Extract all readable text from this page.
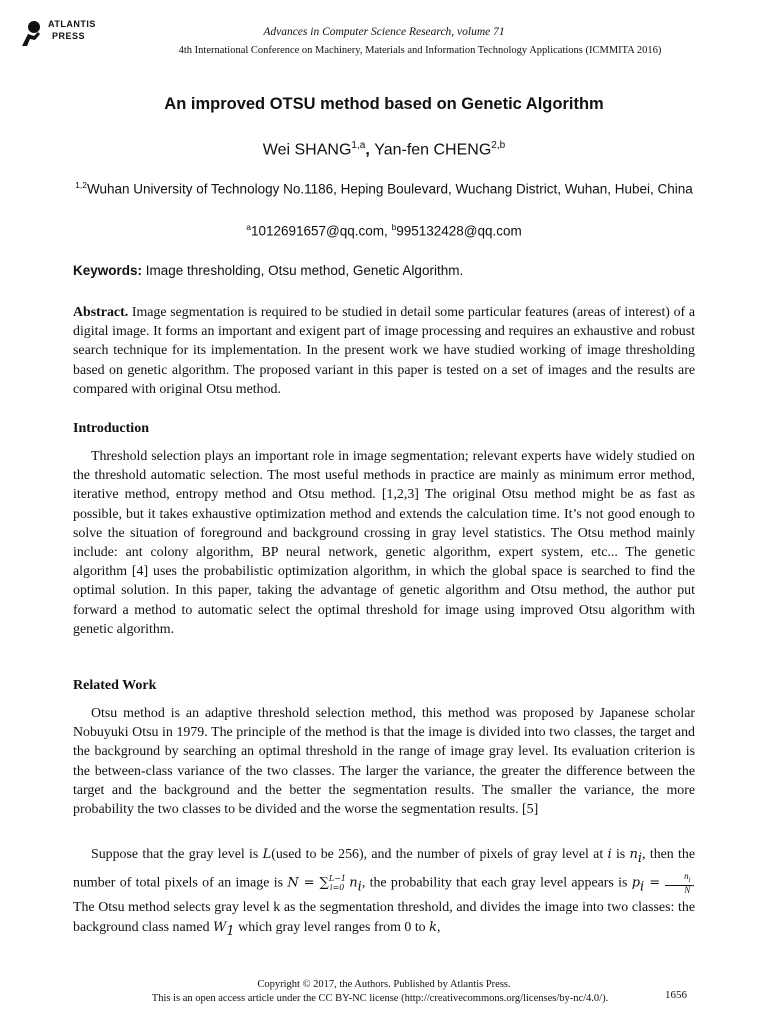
ATLANTIS
PRESS	Advances in Computer Science Research, volume 71
4th International Conference on Machinery, Materials and Information Technology Applications (ICMMITA 2016)
An improved OTSU method based on Genetic Algorithm
Wei SHANG$^{1,a}$, Yan-fen CHENG$^{2,b}$
$^{1,2}$Wuhan University of Technology No.1186, Heping Boulevard, Wuchang District, Wuhan, Hubei, China
$^a$1012691657@qq.com, $^b$995132428@qq.com
Keywords: Image thresholding, Otsu method, Genetic Algorithm.

Abstract. Image segmentation is required to be studied in detail some particular features (areas of interest) of a digital image. It forms an important and exigent part of image processing and requires an exhaustive and robust search technique for its implementation. In the present work we have studied working of image thresholding based on genetic algorithm. The proposed variant in this paper is tested on a set of images and the results are compared with original Otsu method.

Introduction

Threshold selection plays an important role in image segmentation; relevant experts have widely studied on the threshold automatic selection. The most useful methods in practice are mainly as minimum error method, iterative method, entropy method and Otsu method. [1,2,3] The original Otsu method might be as fast as possible, but it takes exhaustive optimization method and extends the calculation time. It’s not good enough to solve the situation of foreground and background crossing in gray level statistics. The Otsu method mainly include: ant colony algorithm, BP neural network, genetic algorithm, expert system, etc... The genetic algorithm [4] uses the probabilistic optimization algorithm, in which the global space is searched to find the optimal solution. In this paper, taking the advantage of genetic algorithm and Otsu method, the author put forward a method to automatic select the optimal threshold for image using improved Otsu algorithm with genetic algorithm.

Related Work

Otsu method is an adaptive threshold selection method, this method was proposed by Japanese scholar Nobuyuki Otsu in 1979. The principle of the method is that the image is divided into two classes, the target and the background by searching an optimal threshold in the range of image gray level. Its evaluation criterion is the between-class variance of the two classes. The larger the variance, the greater the difference between the target and the background and the better the segmentation results. The smaller the variance, the more probability the two classes to be divided and the worse the segmentation results. [5]

Suppose that the gray level is L(used to be 256), and the number of pixels of gray level at i is $n_i$, then the number of total pixels of an image is N = ∑$^{L-1}_{i=0}$ $n_i$, the probability that each gray level appears is $p_i = \frac{n_i}{N}$ . The Otsu method selects gray level k as the segmentation threshold, and divides the image into two classes: the background class named $W_1$ which gray level ranges from 0 to k,

Copyright © 2017, the Authors. Published by Atlantis Press.
This is an open access article under the CC BY-NC license (http://creativecommons.org/licenses/by-nc/4.0/).	1656
